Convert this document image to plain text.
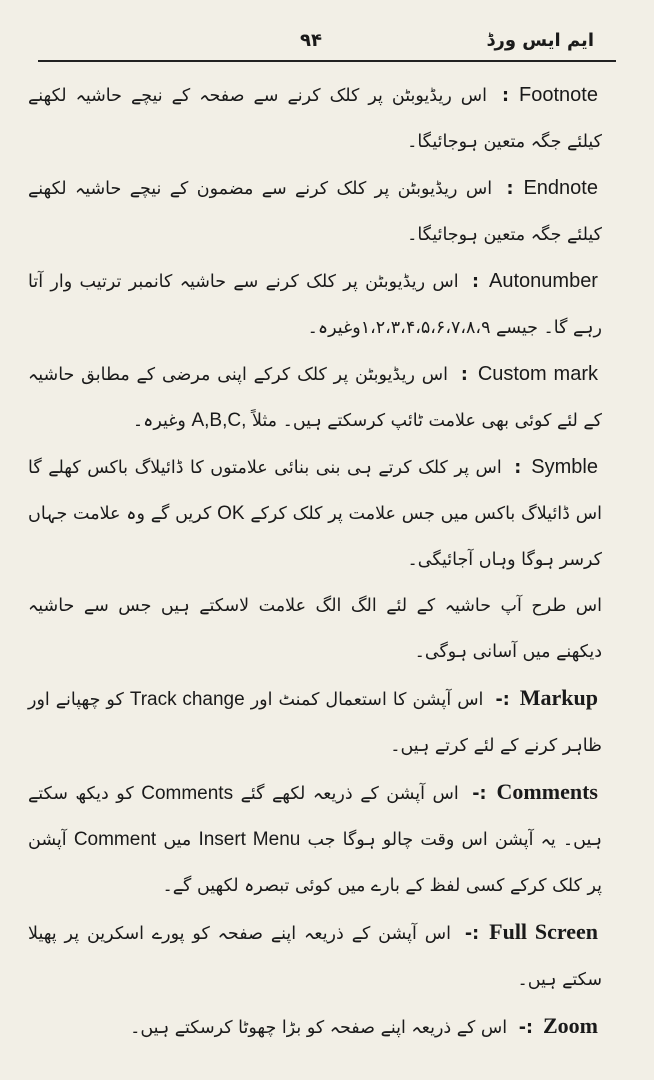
ایم ایس ورڈ
۹۴

Footnote: اس ریڈیوبٹن پر کلک کرنے سے صفحہ کے نیچے حاشیہ لکھنے کیلئے جگہ متعین ہوجائیگا۔

Endnote: اس ریڈیوبٹن پر کلک کرنے سے مضمون کے نیچے حاشیہ لکھنے کیلئے جگہ متعین ہوجائیگا۔

Autonumber: اس ریڈیوبٹن پر کلک کرنے سے حاشیہ کانمبر ترتیب وار آتا رہے گا۔ جیسے ۱،۲،۳،۴،۵،۶،۷،۸،۹وغیرہ۔

Custom mark: اس ریڈیوبٹن پر کلک کرکے اپنی مرضی کے مطابق حاشیہ کے لئے کوئی بھی علامت ٹائپ کرسکتے ہیں۔ مثلاً A,B,C, وغیرہ۔

Symble: اس پر کلک کرتے ہی بنی بنائی علامتوں کا ڈائیلاگ باکس کھلے گا اس ڈائیلاگ باکس میں جس علامت پر کلک کرکے OK کریں گے وہ علامت جہاں کرسر ہوگا وہاں آجائیگی۔

اس طرح آپ حاشیہ کے لئے الگ الگ علامت لاسکتے ہیں جس سے حاشیہ دیکھنے میں آسانی ہوگی۔

Markup:- اس آپشن کا استعمال کمنٹ اور Track change کو چھپانے اور ظاہر کرنے کے لئے کرتے ہیں۔

Comments:- اس آپشن کے ذریعہ لکھے گئے Comments کو دیکھ سکتے ہیں۔ یہ آپشن اس وقت چالو ہوگا جب Insert Menu میں Comment آپشن پر کلک کرکے کسی لفظ کے بارے میں کوئی تبصرہ لکھیں گے۔

Full Screen:- اس آپشن کے ذریعہ اپنے صفحہ کو پورے اسکرین پر پھیلا سکتے ہیں۔

Zoom:- اس کے ذریعہ اپنے صفحہ کو بڑا چھوٹا کرسکتے ہیں۔
